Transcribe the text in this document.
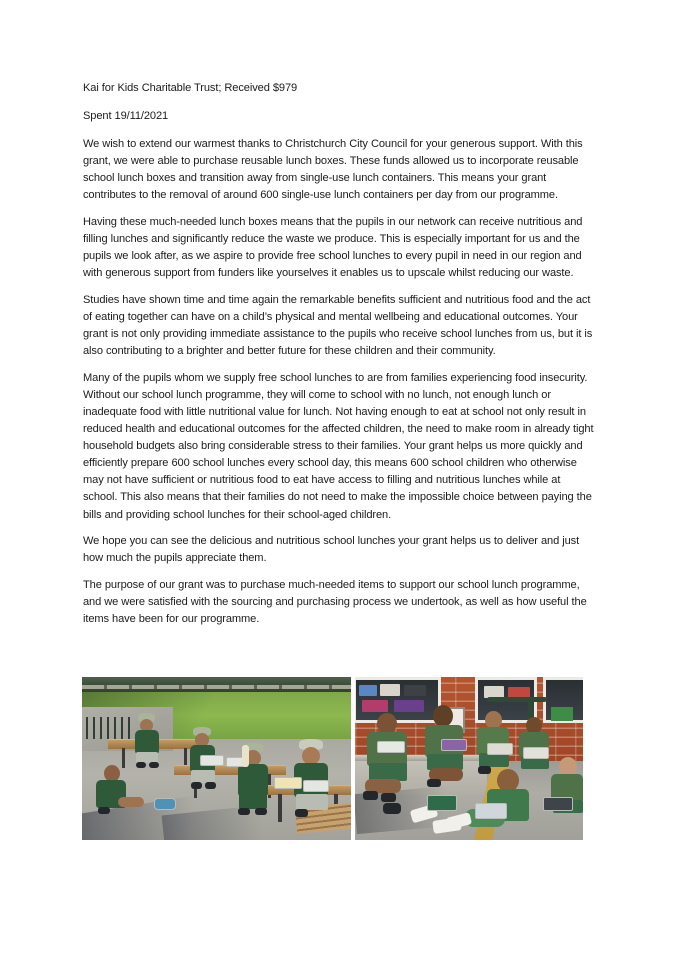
Kai for Kids Charitable Trust; Received $979

Spent 19/11/2021

We wish to extend our warmest thanks to Christchurch City Council for your generous support. With this grant, we were able to purchase reusable lunch boxes. These funds allowed us to incorporate reusable school lunch boxes and transition away from single-use lunch containers. This means your grant contributes to the removal of around 600 single-use lunch containers per day from our programme.

Having these much-needed lunch boxes means that the pupils in our network can receive nutritious and filling lunches and significantly reduce the waste we produce. This is especially important for us and the pupils we look after, as we aspire to provide free school lunches to every pupil in need in our region and with generous support from funders like yourselves it enables us to upscale whilst reducing our waste.

Studies have shown time and time again the remarkable benefits sufficient and nutritious food and the act of eating together can have on a child’s physical and mental wellbeing and educational outcomes. Your grant is not only providing immediate assistance to the pupils who receive school lunches from us, but it is also contributing to a brighter and better future for these children and their community.

Many of the pupils whom we supply free school lunches to are from families experiencing food insecurity. Without our school lunch programme, they will come to school with no lunch, not enough lunch or inadequate food with little nutritional value for lunch. Not having enough to eat at school not only result in reduced health and educational outcomes for the affected children, the need to make room in already tight household budgets also bring considerable stress to their families. Your grant helps us more quickly and efficiently prepare 600 school lunches every school day, this means 600 school children who otherwise may not have sufficient or nutritious food to eat have access to filling and nutritious lunches while at school. This also means that their families do not need to make the impossible choice between paying the bills and providing school lunches for their school-aged children.

We hope you can see the delicious and nutritious school lunches your grant helps us to deliver and just how much the pupils appreciate them.

The purpose of our grant was to purchase much-needed items to support our school lunch programme, and we were satisfied with the sourcing and purchasing process we undertook, as well as how useful the items have been for our programme.
